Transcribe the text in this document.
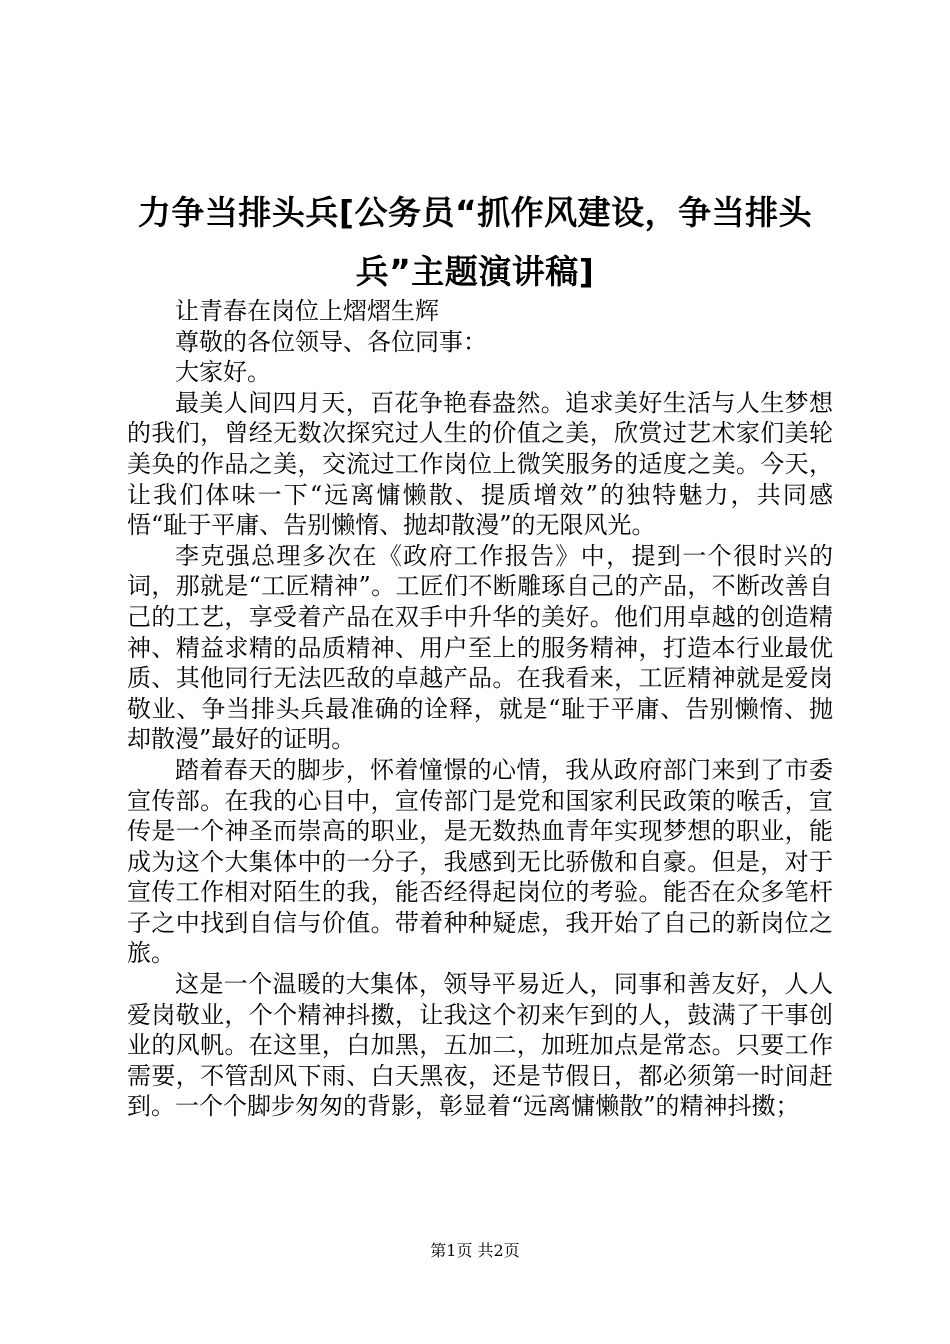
力争当排头兵[公务员“抓作风建设，争当排头兵”主题演讲稿]

让青春在岗位上熠熠生辉

尊敬的各位领导、各位同事：

大家好。

最美人间四月天，百花争艳春盎然。追求美好生活与人生梦想的我们，曾经无数次探究过人生的价值之美，欣赏过艺术家们美轮美奂的作品之美，交流过工作岗位上微笑服务的适度之美。今天，让我们体味一下“远离慵懒散、提质增效”的独特魅力，共同感悟“耻于平庸、告别懒惰、抛却散漫”的无限风光。

李克强总理多次在《政府工作报告》中，提到一个很时兴的词，那就是“工匠精神”。工匠们不断雕琢自己的产品，不断改善自己的工艺，享受着产品在双手中升华的美好。他们用卓越的创造精神、精益求精的品质精神、用户至上的服务精神，打造本行业最优质、其他同行无法匹敌的卓越产品。在我看来，工匠精神就是爱岗敬业、争当排头兵最准确的诠释，就是“耻于平庸、告别懒惰、抛却散漫”最好的证明。

踏着春天的脚步，怀着憧憬的心情，我从政府部门来到了市委宣传部。在我的心目中，宣传部门是党和国家利民政策的喉舌，宣传是一个神圣而崇高的职业，是无数热血青年实现梦想的职业，能成为这个大集体中的一分子，我感到无比骄傲和自豪。但是，对于宣传工作相对陌生的我，能否经得起岗位的考验。能否在众多笔杆子之中找到自信与价值。带着种种疑虑，我开始了自己的新岗位之旅。

这是一个温暖的大集体，领导平易近人，同事和善友好，人人爱岗敬业，个个精神抖擞，让我这个初来乍到的人，鼓满了干事创业的风帆。在这里，白加黑，五加二，加班加点是常态。只要工作需要，不管刮风下雨、白天黑夜，还是节假日，都必须第一时间赶到。一个个脚步匆匆的背影，彰显着“远离慵懒散”的精神抖擞；

第1页 共2页
